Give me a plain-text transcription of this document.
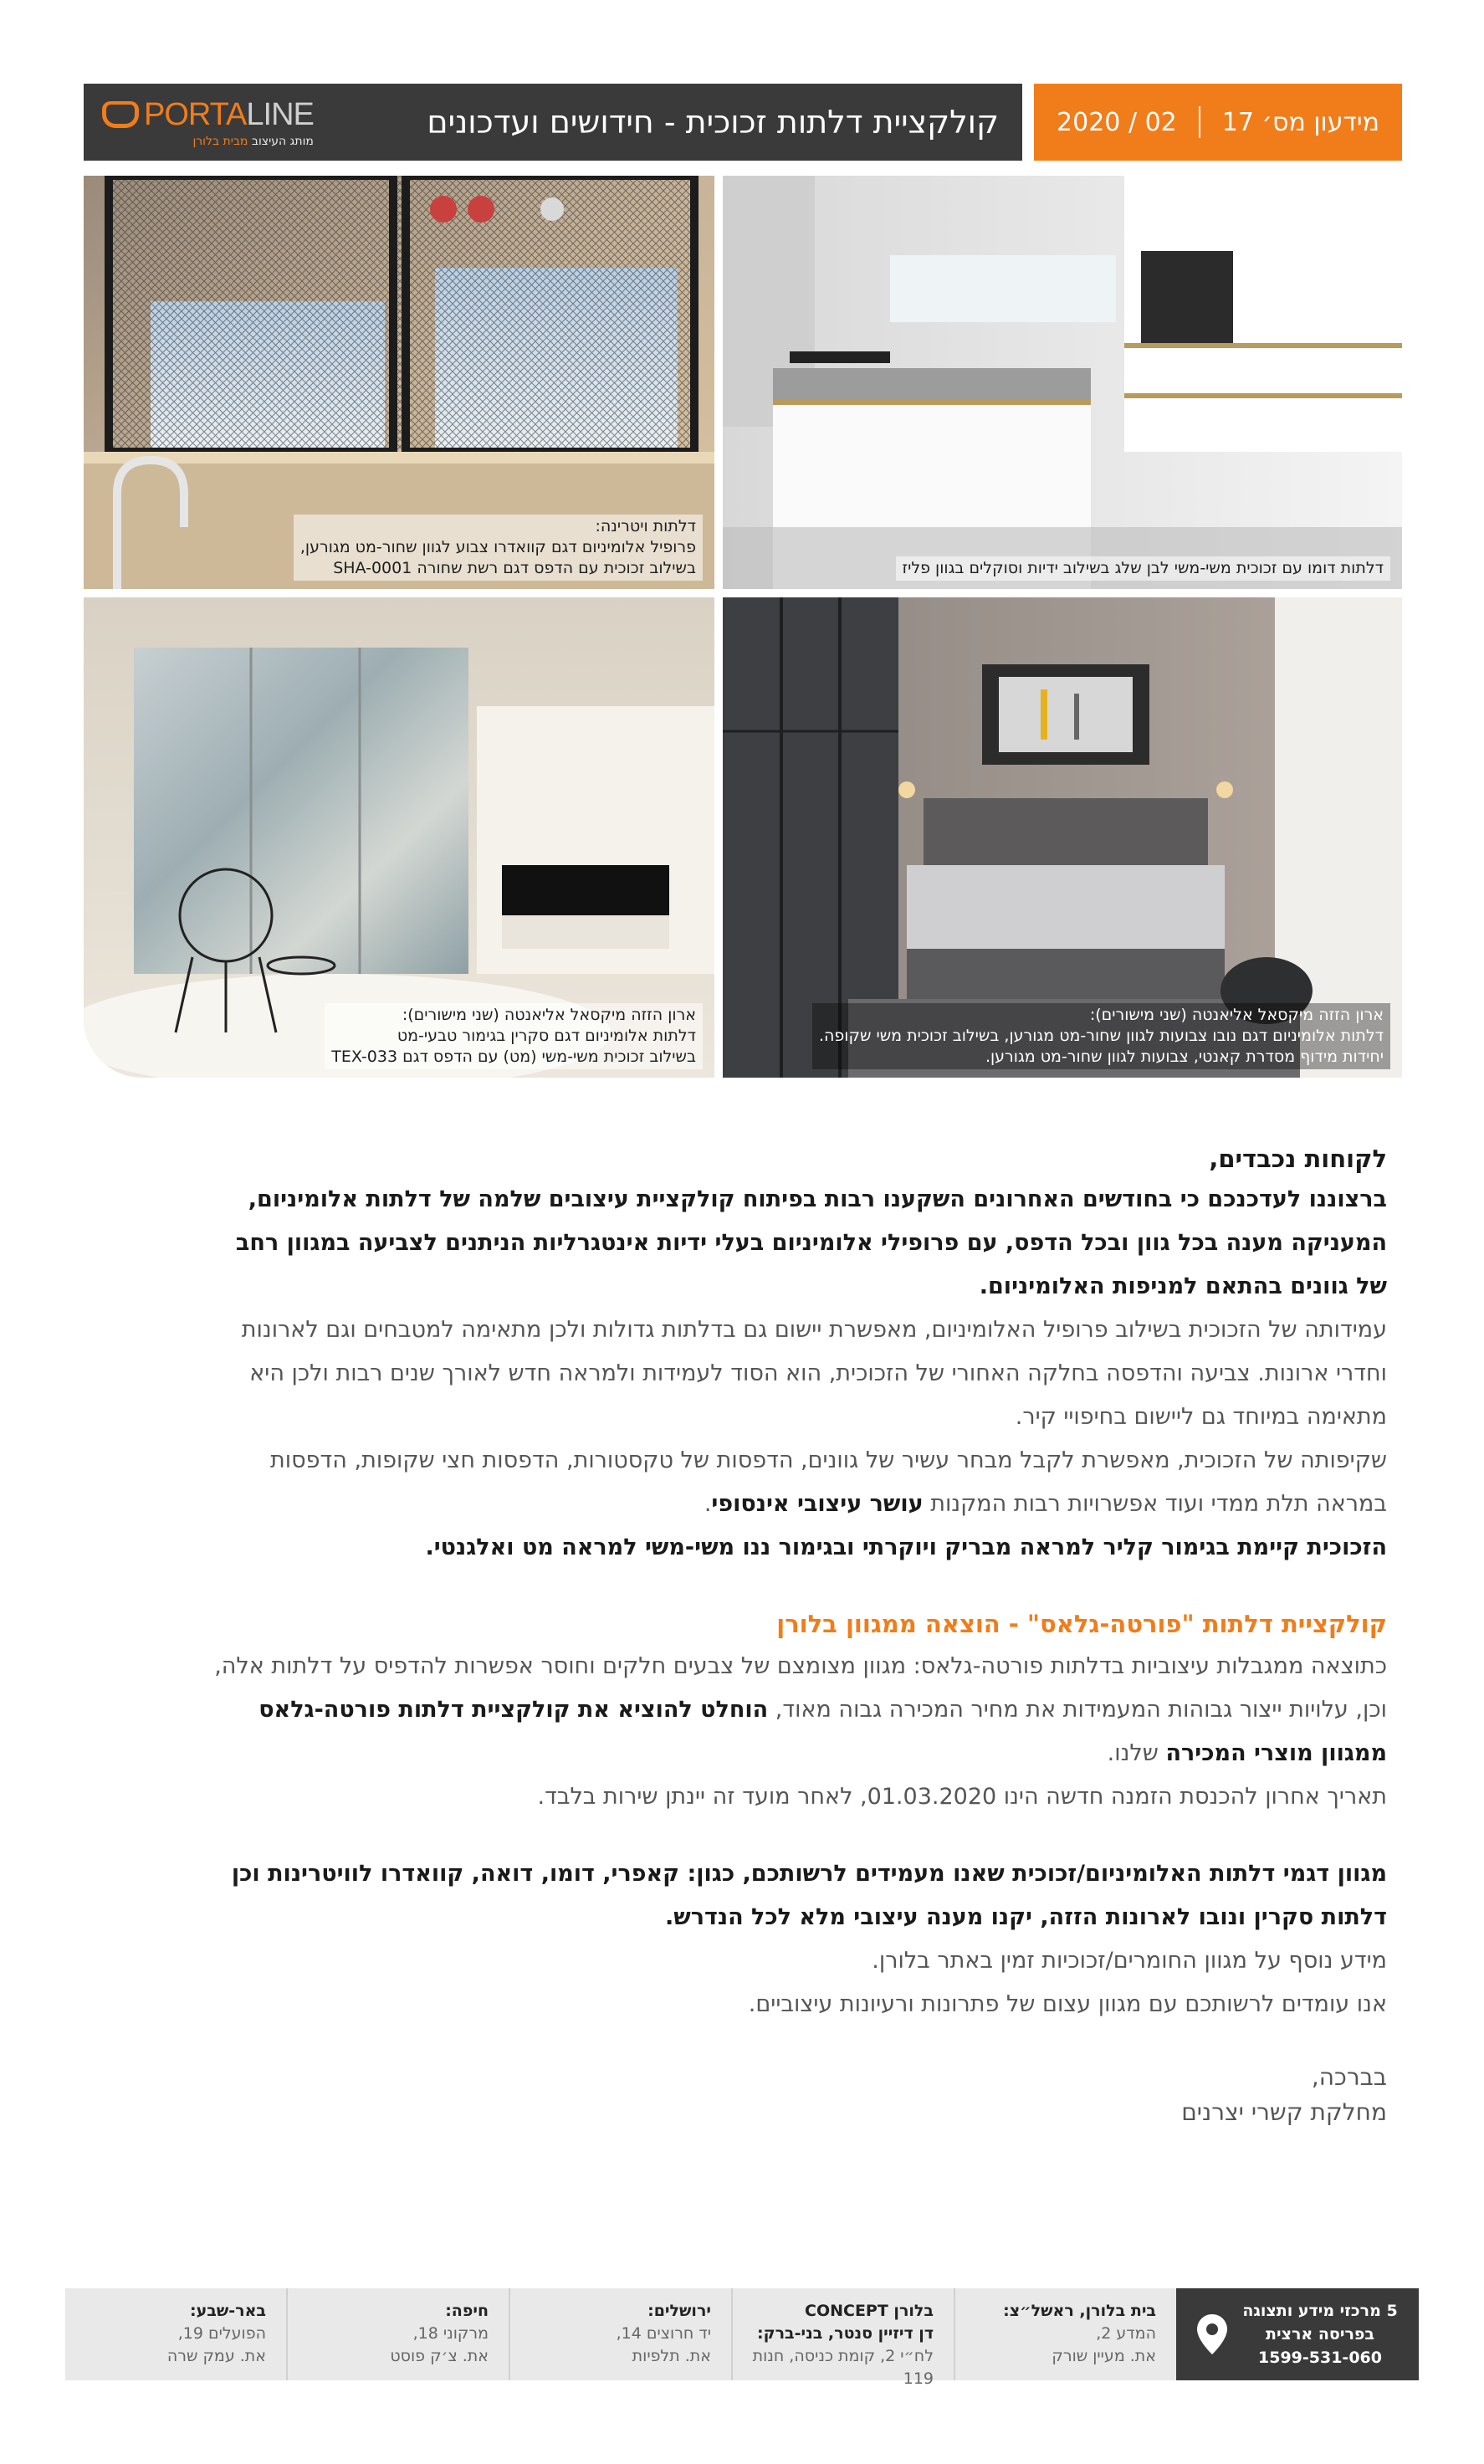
PORTALINE
מותג העיצוב מבית בלורן
קולקציית דלתות זכוכית - חידושים ועדכונים	מידעון מס׳ 17
02 / 2020
דלתות ויטרינה:
פרופיל אלומיניום דגם קוואדרו צבוע לגוון שחור-מט מגורען,
בשילוב זכוכית עם הדפס דגם רשת שחורה SHA-0001	דלתות דומו עם זכוכית משי-משי לבן שלג בשילוב ידיות וסוקלים בגוון פליז
ארון הזזה מיקסאל אליאנטה (שני מישורים):
דלתות אלומיניום דגם סקרין בגימור טבעי-מט
בשילוב זכוכית משי-משי (מט) עם הדפס דגם TEX-033
ארון הזזה מיקסאל אליאנטה (שני מישורים):
דלתות אלומיניום דגם נובו צבועות לגוון שחור-מט מגורען, בשילוב זכוכית משי שקופה.
יחידות מידוף מסדרת קאנטי, צבועות לגוון שחור-מט מגורען.
לקוחות נכבדים,
ברצוננו לעדכנכם כי בחודשים האחרונים השקענו רבות בפיתוח קולקציית עיצובים שלמה של דלתות אלומיניום, המעניקה מענה בכל גוון ובכל הדפס, עם פרופילי אלומיניום בעלי ידיות אינטגרליות הניתנים לצביעה במגוון רחב של גוונים בהתאם למניפות האלומיניום.
עמידותה של הזכוכית בשילוב פרופיל האלומיניום, מאפשרת יישום גם בדלתות גדולות ולכן מתאימה למטבחים וגם לארונות וחדרי ארונות. צביעה והדפסה בחלקה האחורי של הזכוכית, הוא הסוד לעמידות ולמראה חדש לאורך שנים רבות ולכן היא מתאימה במיוחד גם ליישום בחיפויי קיר.
שקיפותה של הזכוכית, מאפשרת לקבל מבחר עשיר של גוונים, הדפסות של טקסטורות, הדפסות חצי שקופות, הדפסות במראה תלת ממדי ועוד אפשרויות רבות המקנות עושר עיצובי אינסופי.
הזכוכית קיימת בגימור קליר למראה מבריק ויוקרתי ובגימור ננו משי-משי למראה מט ואלגנטי.
קולקציית דלתות "פורטה-גלאס" - הוצאה ממגוון בלורן
כתוצאה ממגבלות עיצוביות בדלתות פורטה-גלאס: מגוון מצומצם של צבעים חלקים וחוסר אפשרות להדפיס על דלתות אלה, וכן, עלויות ייצור גבוהות המעמידות את מחיר המכירה גבוה מאוד, הוחלט להוציא את קולקציית דלתות פורטה-גלאס ממגוון מוצרי המכירה שלנו.
תאריך אחרון להכנסת הזמנה חדשה הינו 01.03.2020, לאחר מועד זה יינתן שירות בלבד.
מגוון דגמי דלתות האלומיניום/זכוכית שאנו מעמידים לרשותכם, כגון: קאפרי, דומו, דואה, קוואדרו לוויטרינות וכן דלתות סקרין ונובו לארונות הזזה, יקנו מענה עיצובי מלא לכל הנדרש.
מידע נוסף על מגוון החומרים/זכוכיות זמין באתר בלורן.
אנו עומדים לרשותכם עם מגוון עצום של פתרונות ורעיונות עיצוביים.
בברכה,
מחלקת קשרי יצרנים
5 מרכזי מידע ותצוגה
בפריסה ארצית
1599-531-060
בית בלורן, ראשל״צ:
המדע 2,
את. מעיין שורק
בלורן CONCEPT
דן דיזיין סנטר, בני-ברק:
לח״י 2, קומת כניסה, חנות 119
ירושלים:
יד חרוצים 14,
את. תלפיות
חיפה:
מרקוני 18,
את. צ׳ק פוסט
באר-שבע:
הפועלים 19,
את. עמק שרה
